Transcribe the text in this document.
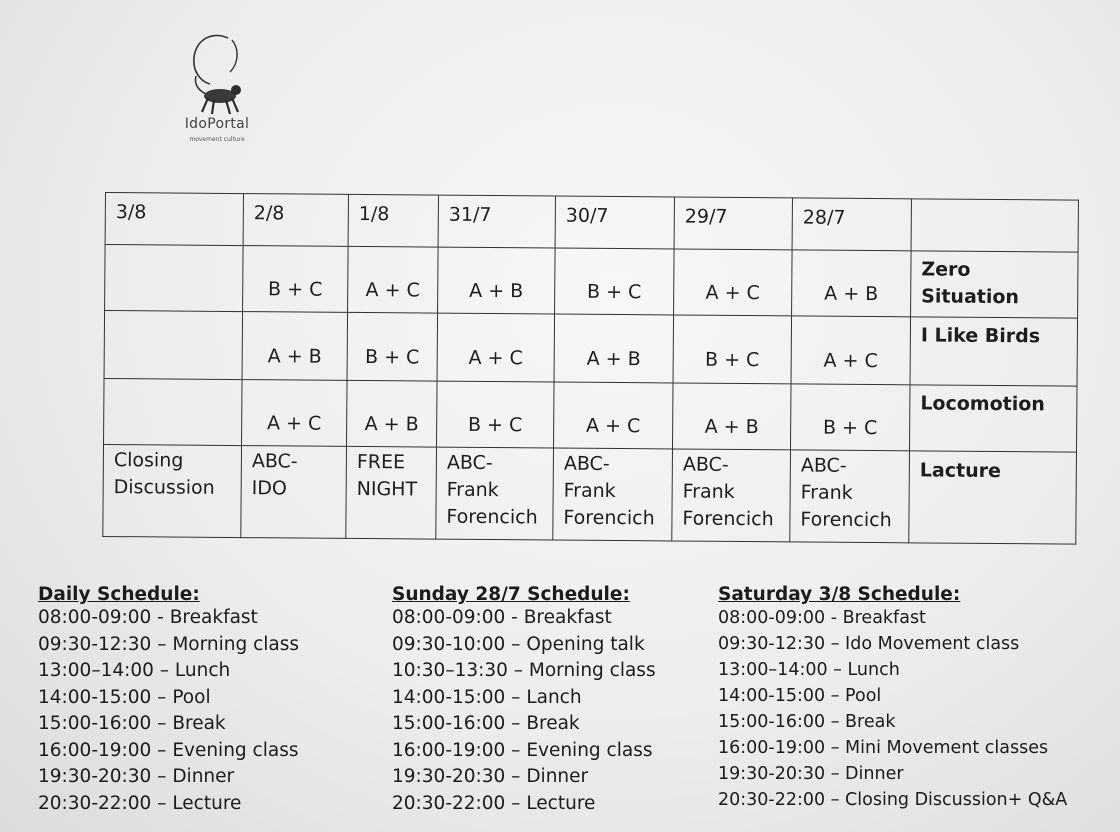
IdoPortal
movement culture
3/8	2/8	1/8	31/7	30/7	29/7	28/7	
	B + C	A + C	A + B	B + C	A + C	A + B	Zero Situation
	A + B	B + C	A + C	A + B	B + C	A + C	I Like Birds
	A + C	A + B	B + C	A + C	A + B	B + C	Locomotion
Closing Discussion	ABC- IDO	FREE NIGHT	ABC- Frank Forencich	ABC- Frank Forencich	ABC- Frank Forencich	ABC- Frank Forencich	Lacture
Daily Schedule:
08:00-09:00 - Breakfast
09:30-12:30 – Morning class
13:00–14:00 – Lunch
14:00-15:00 – Pool
15:00-16:00 – Break
16:00-19:00 – Evening class
19:30-20:30 – Dinner
20:30-22:00 – Lecture
Sunday 28/7 Schedule:
08:00-09:00 - Breakfast
09:30-10:00 – Opening talk
10:30–13:30 – Morning class
14:00-15:00 – Lanch
15:00-16:00 – Break
16:00-19:00 – Evening class
19:30-20:30 – Dinner
20:30-22:00 – Lecture
Saturday 3/8 Schedule:
08:00-09:00 - Breakfast
09:30-12:30 – Ido Movement class
13:00–14:00 – Lunch
14:00-15:00 – Pool
15:00-16:00 – Break
16:00-19:00 – Mini Movement classes
19:30-20:30 – Dinner
20:30-22:00 – Closing Discussion+ Q&A
